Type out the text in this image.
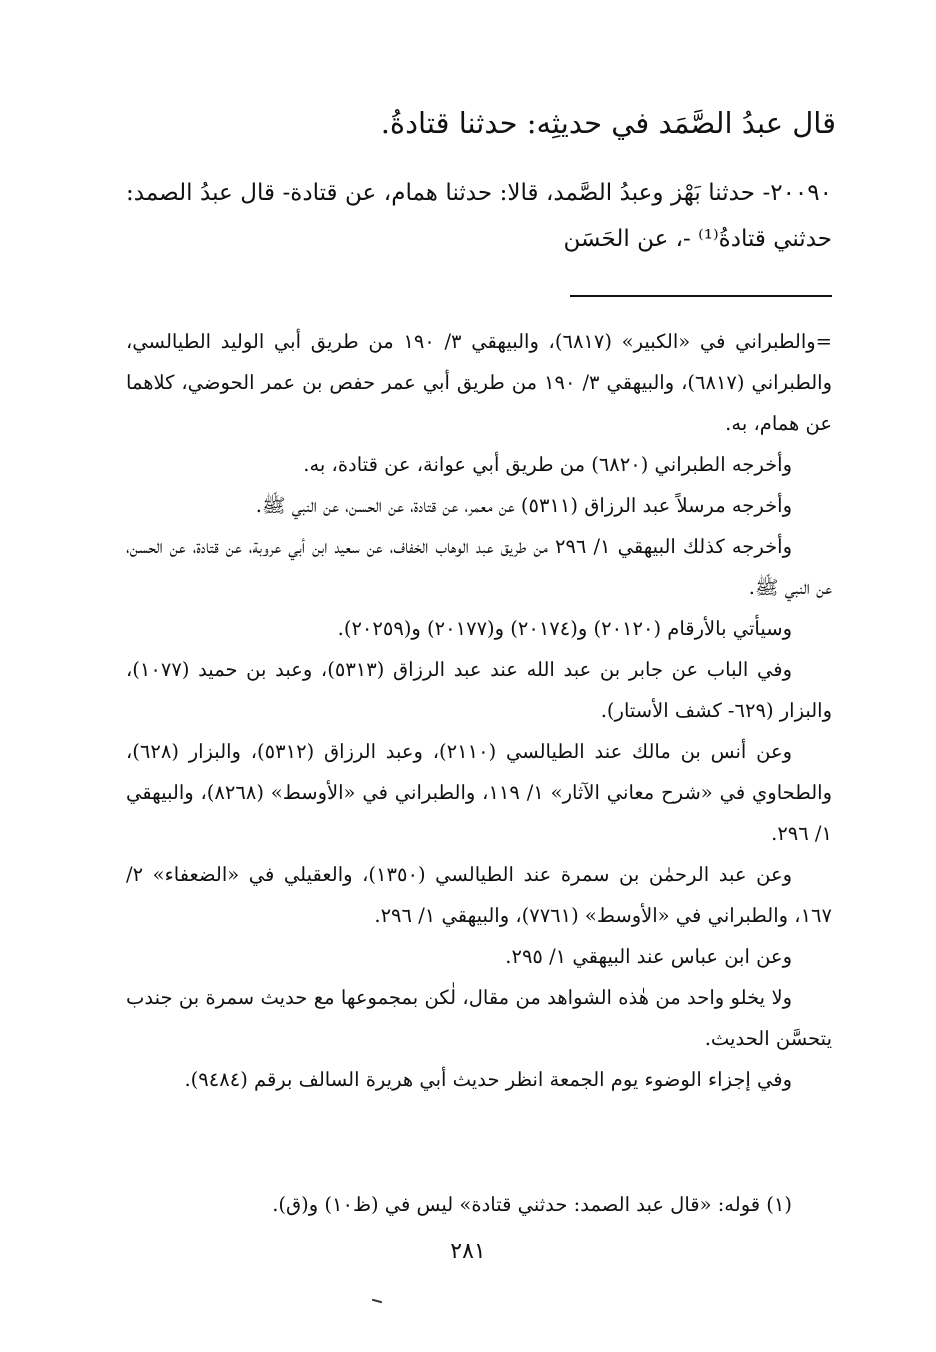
قال عبدُ الصَّمَد في حديثِه: حدثنا قتادةُ.
٢٠٠٩٠- حدثنا بَهْز وعبدُ الصَّمد، قالا: حدثنا همام، عن قتادة- قال عبدُ الصمد: حدثني قتادةُ⁽¹⁾ -، عن الحَسَن

=والطبراني في «الكبير» (٦٨١٧)، والبيهقي ٣/ ١٩٠ من طريق أبي الوليد الطيالسي، والطبراني (٦٨١٧)، والبيهقي ٣/ ١٩٠ من طريق أبي عمر حفص بن عمر الحوضي، كلاهما عن همام، به.

وأخرجه الطبراني (٦٨٢٠) من طريق أبي عوانة، عن قتادة، به.

وأخرجه مرسلاً عبد الرزاق (٥٣١١) عن معمر، عن قتادة، عن الحسن، عن النبي ﷺ.

وأخرجه كذلك البيهقي ١/ ٢٩٦ من طريق عبد الوهاب الخفاف، عن سعيد ابن أبي عروبة، عن قتادة، عن الحسن، عن النبي ﷺ.

وسيأتي بالأرقام (٢٠١٢٠) و(٢٠١٧٤) و(٢٠١٧٧) و(٢٠٢٥٩).

وفي الباب عن جابر بن عبد الله عند عبد الرزاق (٥٣١٣)، وعبد بن حميد (١٠٧٧)، والبزار (٦٢٩- كشف الأستار).

وعن أنس بن مالك عند الطيالسي (٢١١٠)، وعبد الرزاق (٥٣١٢)، والبزار (٦٢٨)، والطحاوي في «شرح معاني الآثار» ١/ ١١٩، والطبراني في «الأوسط» (٨٢٦٨)، والبيهقي ١/ ٢٩٦.

وعن عبد الرحمٰن بن سمرة عند الطيالسي (١٣٥٠)، والعقيلي في «الضعفاء» ٢/ ١٦٧، والطبراني في «الأوسط» (٧٧٦١)، والبيهقي ١/ ٢٩٦.

وعن ابن عباس عند البيهقي ١/ ٢٩٥.

ولا يخلو واحد من هٰذه الشواهد من مقال، لٰكن بمجموعها مع حديث سمرة بن جندب يتحسَّن الحديث.

وفي إجزاء الوضوء يوم الجمعة انظر حديث أبي هريرة السالف برقم (٩٤٨٤).

(١) قوله: «قال عبد الصمد: حدثني قتادة» ليس في (ظ١٠) و(ق).

٢٨١
